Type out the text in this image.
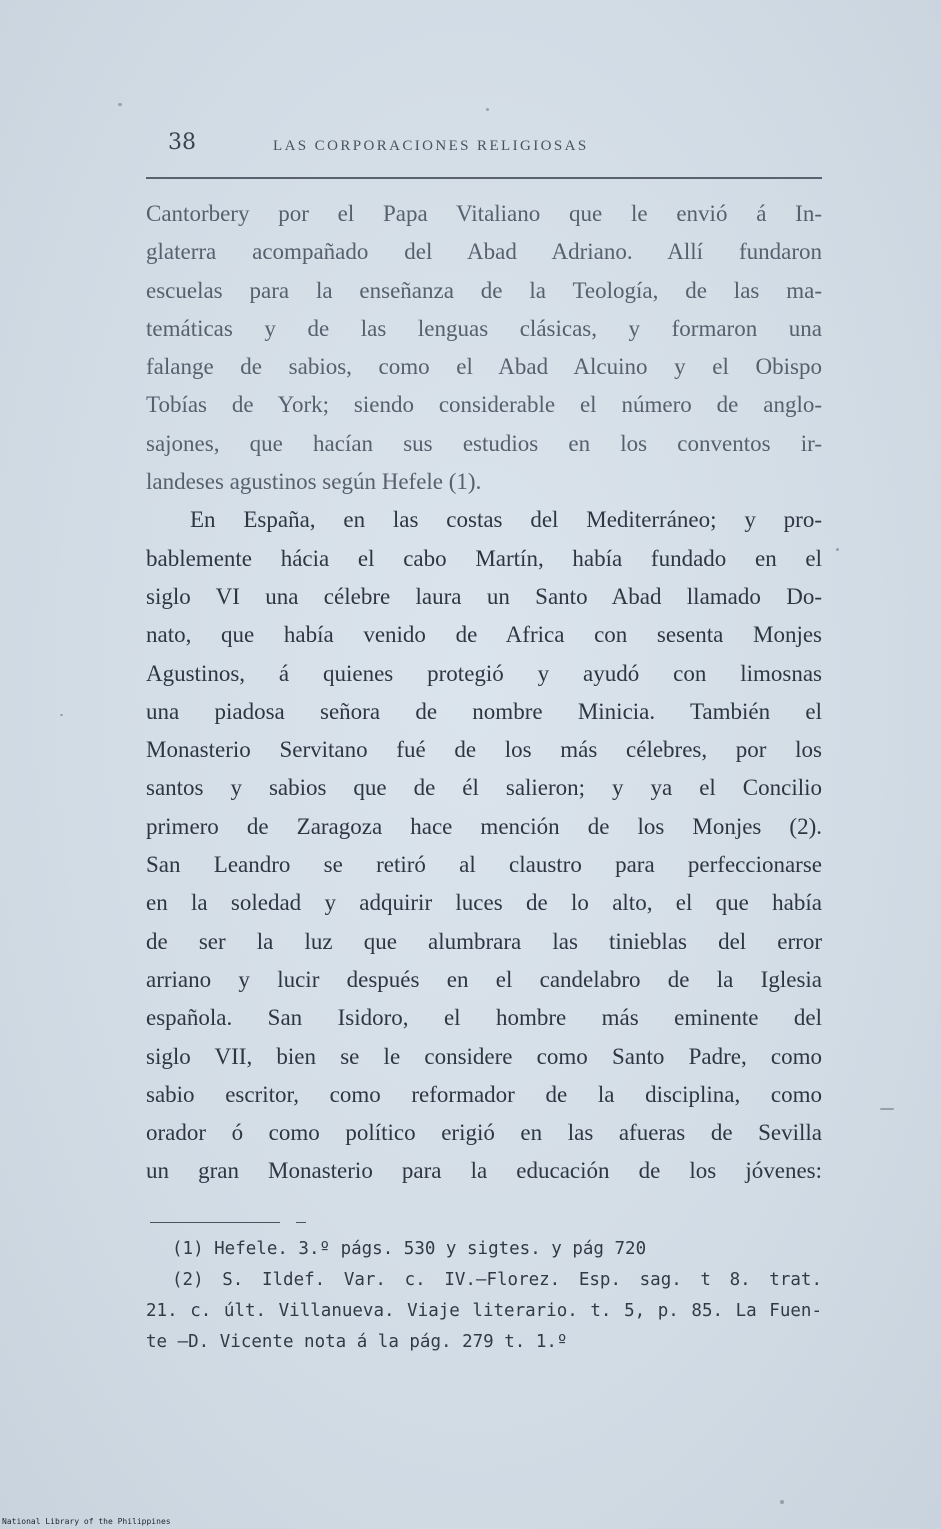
38	LAS CORPORACIONES RELIGIOSAS
Cantorbery por el Papa Vitaliano que le envió á In-
glaterra acompañado del Abad Adriano. Allí fundaron
escuelas para la enseñanza de la Teología, de las ma-
temáticas y de las lenguas clásicas, y formaron una
falange de sabios, como el Abad Alcuino y el Obispo
Tobías de York; siendo considerable el número de anglo-
sajones, que hacían sus estudios en los conventos ir-
landeses agustinos según Hefele (1).
En España, en las costas del Mediterráneo; y pro-
bablemente hácia el cabo Martín, había fundado en el
siglo VI una célebre laura un Santo Abad llamado Do-
nato, que había venido de Africa con sesenta Monjes
Agustinos, á quienes protegió y ayudó con limosnas
una piadosa señora de nombre Minicia. También el
Monasterio Servitano fué de los más célebres, por los
santos y sabios que de él salieron; y ya el Concilio
primero de Zaragoza hace mención de los Monjes (2).
San Leandro se retiró al claustro para perfeccionarse
en la soledad y adquirir luces de lo alto, el que había
de ser la luz que alumbrara las tinieblas del error
arriano y lucir después en el candelabro de la Iglesia
española. San Isidoro, el hombre más eminente del
siglo VII, bien se le considere como Santo Padre, como
sabio escritor, como reformador de la disciplina, como
orador ó como político erigió en las afueras de Sevilla
un gran Monasterio para la educación de los jóvenes:
(1) Hefele. 3.º págs. 530 y sigtes. y pág 720
(2) S. Ildef. Var. c. IV.—Florez. Esp. sag. t 8. trat.
21. c. últ. Villanueva. Viaje literario. t. 5, p. 85. La Fuen-
te —D. Vicente nota á la pág. 279 t. 1.º
National Library of the Philippines
